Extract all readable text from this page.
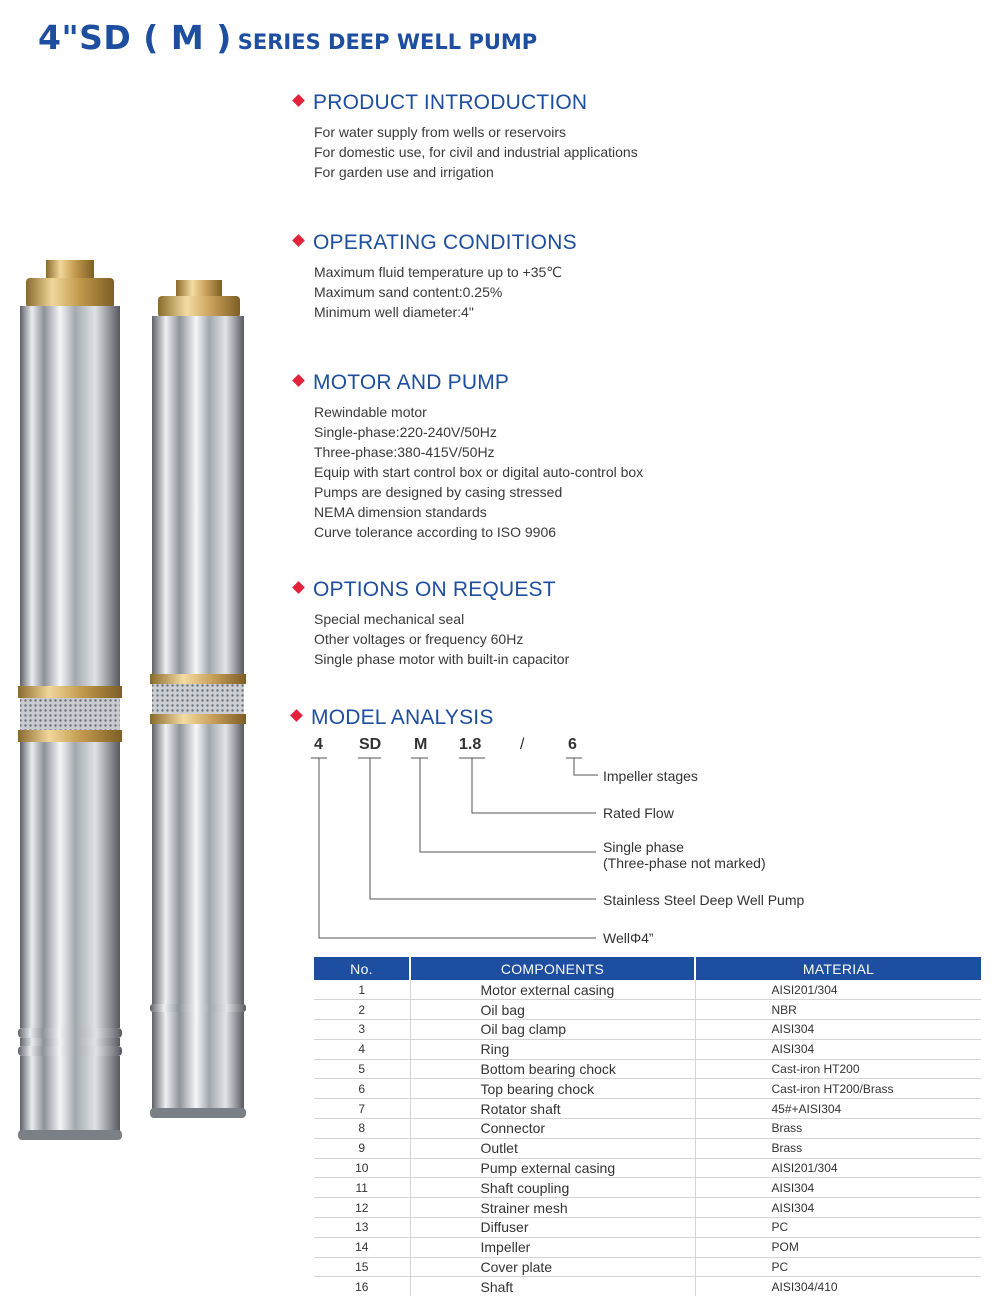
4"SD ( M ) SERIES DEEP WELL PUMP
PRODUCT INTRODUCTION
For water supply from wells or reservoirs
For domestic use, for civil and industrial applications
For garden use and irrigation
OPERATING CONDITIONS
Maximum fluid temperature up to +35℃
Maximum sand content:0.25%
Minimum well diameter:4"
MOTOR AND PUMP
Rewindable motor
Single-phase:220-240V/50Hz
Three-phase:380-415V/50Hz
Equip with start control box or digital auto-control box
Pumps are designed by casing stressed
NEMA dimension standards
Curve tolerance according to ISO 9906
OPTIONS ON REQUEST
Special mechanical seal
Other voltages or frequency 60Hz
Single phase motor with built-in capacitor
MODEL ANALYSIS
4 SD M 1.8 /	6
Impeller stages
Rated Flow
Single phase
(Three-phase not marked)
Stainless Steel Deep Well Pump
WellΦ4”
No.	COMPONENTS	MATERIAL
1	Motor external casing	AISI201/304
2	Oil bag	NBR
3	Oil bag clamp	AISI304
4	Ring	AISI304
5	Bottom bearing chock	Cast-iron HT200
6	Top bearing chock	Cast-iron HT200/Brass
7	Rotator shaft	45#+AISI304
8	Connector	Brass
9	Outlet	Brass
10	Pump external casing	AISI201/304
11	Shaft coupling	AISI304
12	Strainer mesh	AISI304
13	Diffuser	PC
14	Impeller	POM
15	Cover plate	PC
16	Shaft	AISI304/410
